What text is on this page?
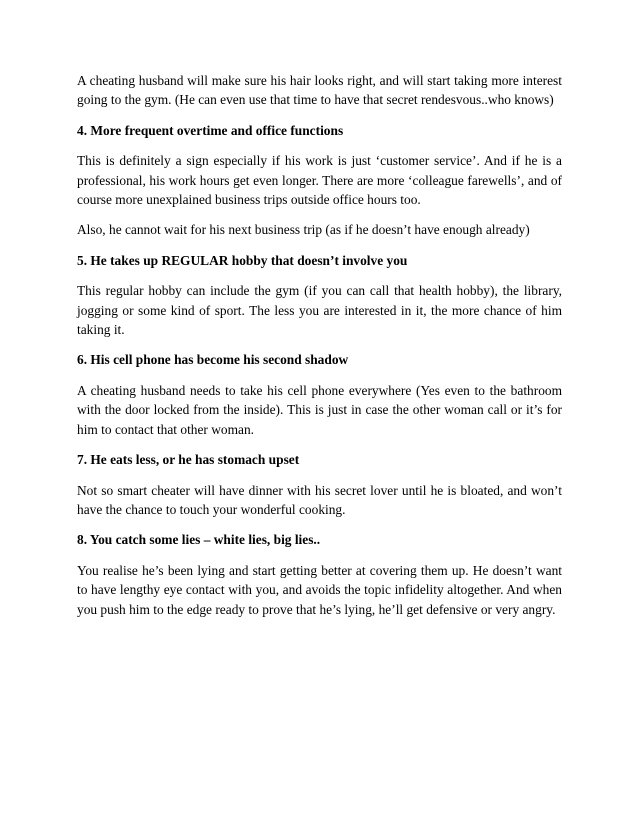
A cheating husband will make sure his hair looks right, and will start taking more interest going to the gym. (He can even use that time to have that secret rendesvous..who knows)

4. More frequent overtime and office functions

This is definitely a sign especially if his work is just ‘customer service’. And if he is a professional, his work hours get even longer. There are more ‘colleague farewells’, and of course more unexplained business trips outside office hours too.

Also, he cannot wait for his next business trip (as if he doesn’t have enough already)

5. He takes up REGULAR hobby that doesn’t involve you

This regular hobby can include the gym (if you can call that health hobby), the library, jogging or some kind of sport. The less you are interested in it, the more chance of him taking it.

6. His cell phone has become his second shadow

A cheating husband needs to take his cell phone everywhere (Yes even to the bathroom with the door locked from the inside). This is just in case the other woman call or it’s for him to contact that other woman.

7. He eats less, or he has stomach upset

Not so smart cheater will have dinner with his secret lover until he is bloated, and won’t have the chance to touch your wonderful cooking.

8. You catch some lies – white lies, big lies..

You realise he’s been lying and start getting better at covering them up. He doesn’t want to have lengthy eye contact with you, and avoids the topic infidelity altogether. And when you push him to the edge ready to prove that he’s lying, he’ll get defensive or very angry.
